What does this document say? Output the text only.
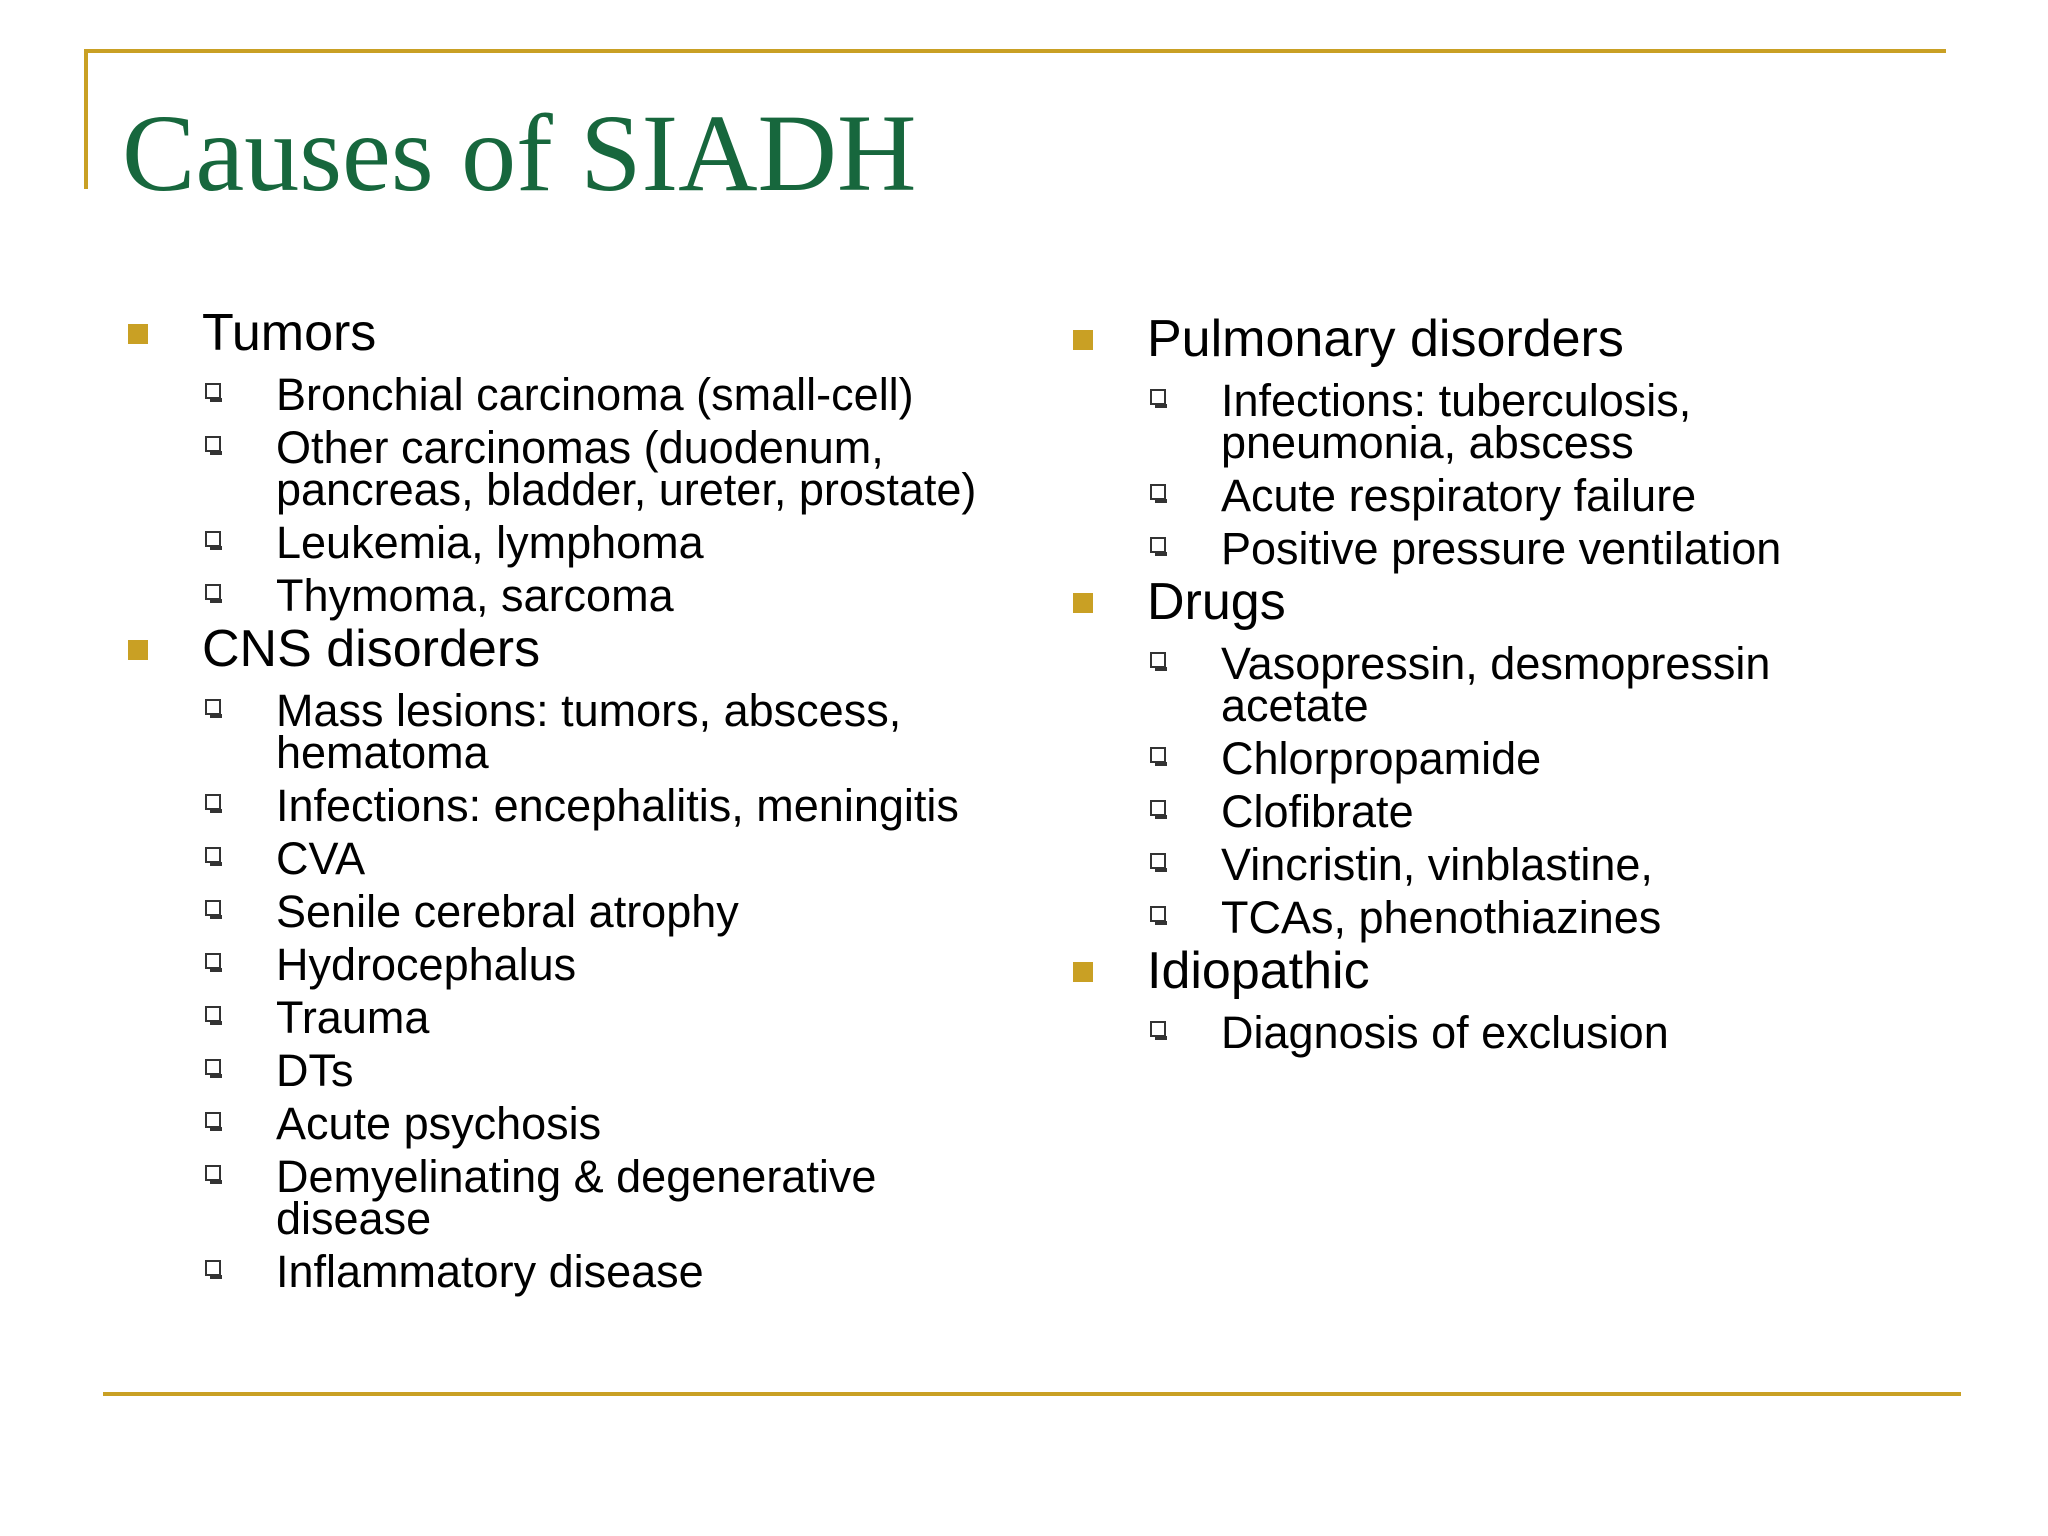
Causes of SIADH
Tumors
Bronchial carcinoma (small-cell)
Other carcinomas (duodenum, pancreas, bladder, ureter, prostate)
Leukemia, lymphoma
Thymoma, sarcoma
CNS disorders
Mass lesions: tumors, abscess, hematoma
Infections: encephalitis, meningitis
CVA
Senile cerebral atrophy
Hydrocephalus
Trauma
DTs
Acute psychosis
Demyelinating & degenerative disease
Inflammatory disease
Pulmonary disorders
Infections: tuberculosis, pneumonia, abscess
Acute respiratory failure
Positive pressure ventilation
Drugs
Vasopressin, desmopressin acetate
Chlorpropamide
Clofibrate
Vincristin, vinblastine,
TCAs, phenothiazines
Idiopathic
Diagnosis of exclusion
